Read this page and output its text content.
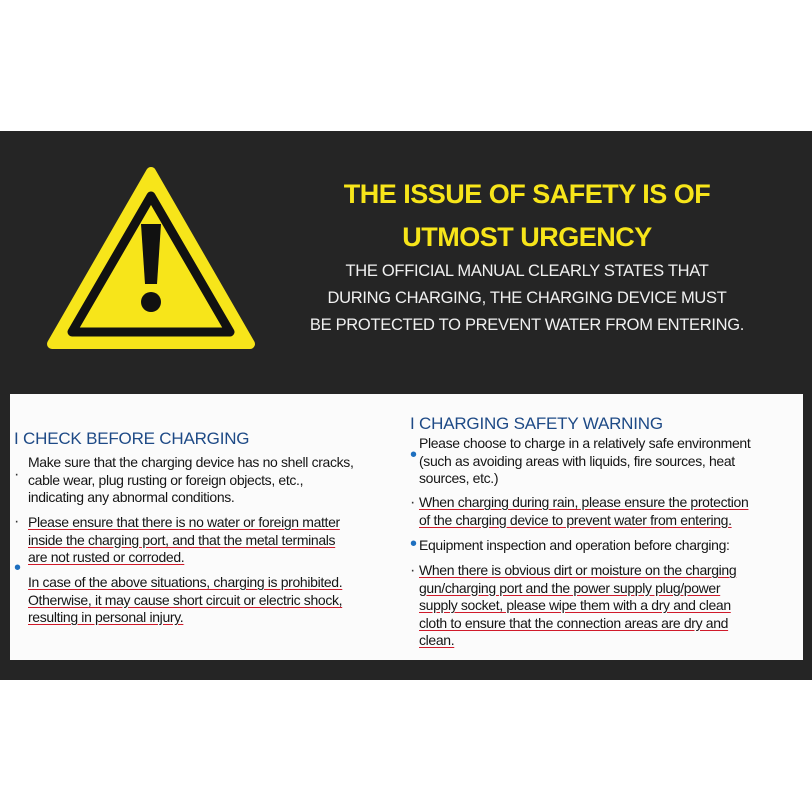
THE ISSUE OF SAFETY IS OF
UTMOST URGENCY
THE OFFICIAL MANUAL CLEARLY STATES THAT
DURING CHARGING, THE CHARGING DEVICE MUST
BE PROTECTED TO PREVENT WATER FROM ENTERING.
I CHECK BEFORE CHARGING
·
Make sure that the charging device has no shell cracks,
cable wear, plug rusting or foreign objects, etc.,
indicating any abnormal conditions.
· Please ensure that there is no water or foreign matter
inside the charging port, and that the metal terminals
are not rusted or corroded.
•
In case of the above situations, charging is prohibited.
Otherwise, it may cause short circuit or electric shock,
resulting in personal injury.
I CHARGING SAFETY WARNING
•
Please choose to charge in a relatively safe environment
(such as avoiding areas with liquids, fire sources, heat
sources, etc.)
· When charging during rain, please ensure the protection
of the charging device to prevent water from entering.
• Equipment inspection and operation before charging:
· When there is obvious dirt or moisture on the charging
gun/charging port and the power supply plug/power
supply socket, please wipe them with a dry and clean
cloth to ensure that the connection areas are dry and
clean.
